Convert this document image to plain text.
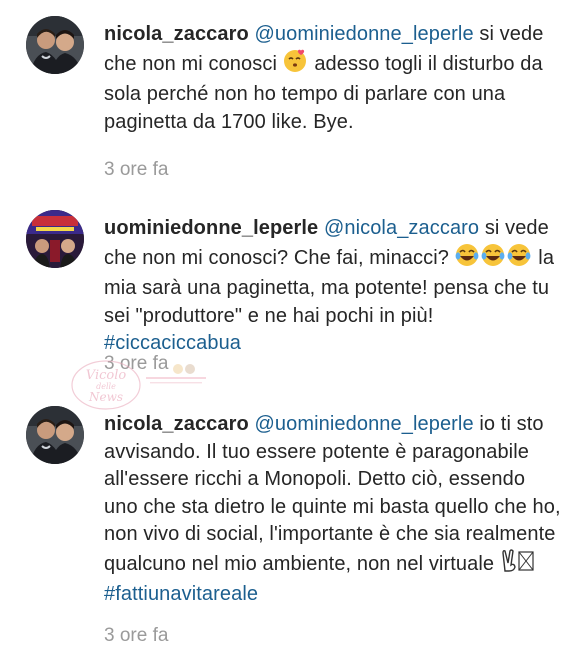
nicola_zaccaro @uominiedonne_leperle si vede che non mi conosci  adesso togli il disturbo da sola perché non ho tempo di parlare con una paginetta da 1700 like. Bye.
3 ore fa
uominiedonne_leperle @nicola_zaccaro si vede che non mi conosci? Che fai, minacci?	la mia sarà una paginetta, ma potente! pensa che tu sei "produttore" e ne hai pochi in più! #ciccaciccabua
3 ore fa
Vicolo
delle
News
nicola_zaccaro @uominiedonne_leperle io ti sto avvisando. Il tuo essere potente è paragonabile all'essere ricchi a Monopoli. Detto ciò, essendo uno che sta dietro le quinte mi basta quello che ho, non vivo di social, l'importante è che sia realmente qualcuno nel mio ambiente, non nel virtuale #fattiunavitareale
3 ore fa
